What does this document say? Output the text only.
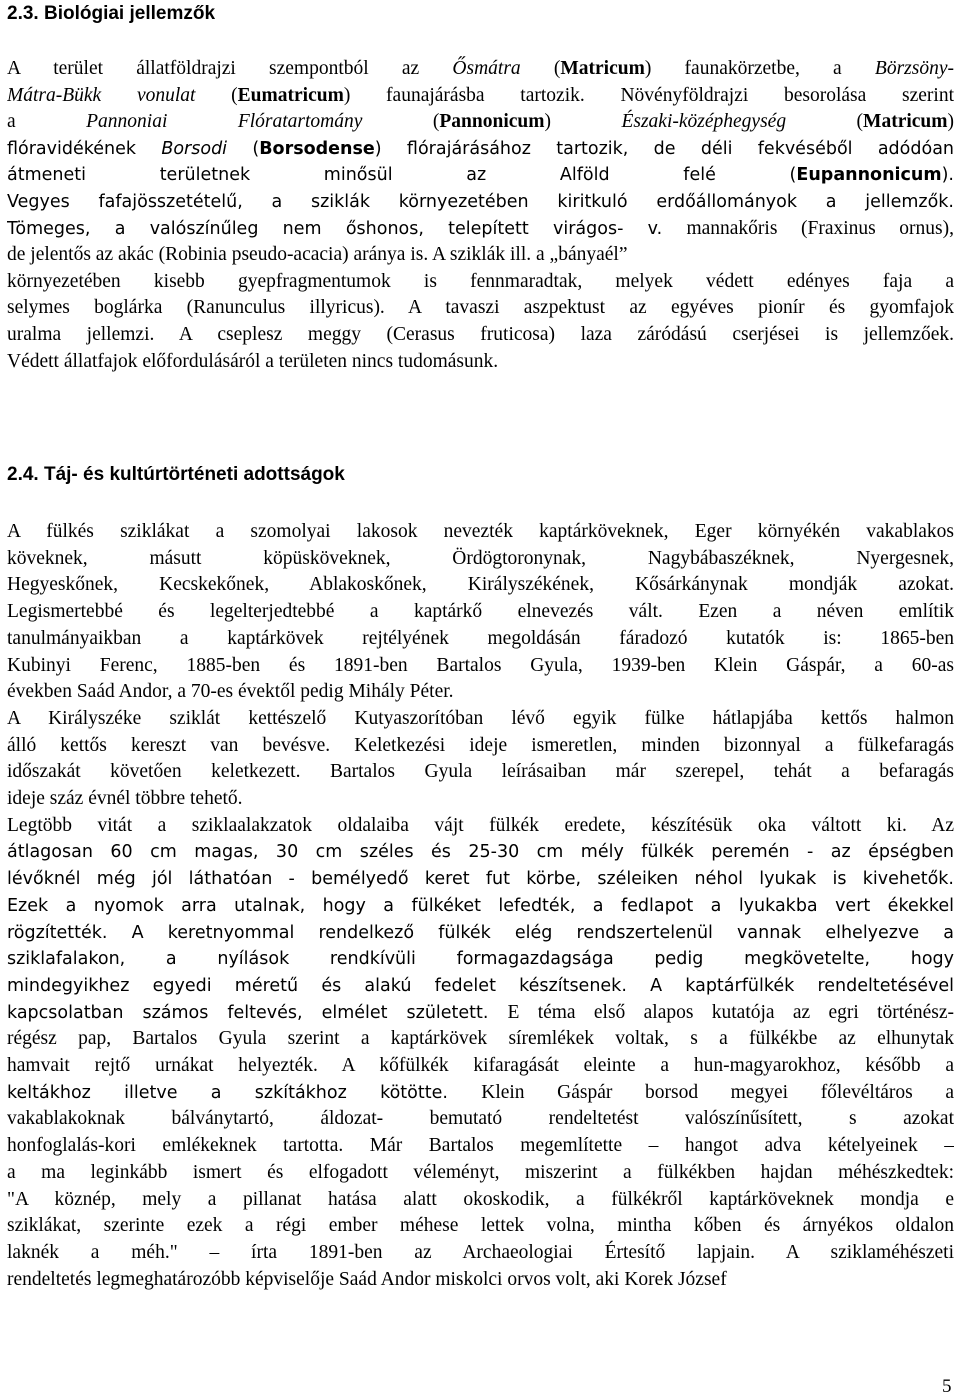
2.3. Biológiai jellemzők
A terület állatföldrajzi szempontból az Ősmátra (Matricum) faunakörzetbe, a Börzsöny-
Mátra-Bükk vonulat (Eumatricum) faunajárásba tartozik. Növényföldrajzi besorolása szerint
a Pannoniai Flóratartomány (Pannonicum) Északi-középhegység (Matricum)
flóravidékének Borsodi (Borsodense) flórajárásához tartozik, de déli fekvéséből adódóan
átmeneti területnek minősül az Alföld felé (Eupannonicum).
Vegyes fafajösszetételű, a sziklák környezetében kiritkuló erdőállományok a jellemzők.
Tömeges, a valószínűleg nem őshonos, telepített virágos- v. mannakőris (Fraxinus ornus),
de jelentős az akác (Robinia pseudo-acacia) aránya is. A sziklák ill. a „bányaél”
környezetében kisebb gyepfragmentumok is fennmaradtak, melyek védett edényes faja a
selymes boglárka (Ranunculus illyricus). A tavaszi aszpektust az egyéves pionír és gyomfajok
uralma jellemzi. A cseplesz meggy (Cerasus fruticosa) laza záródású cserjései is jellemzőek.
Védett állatfajok előfordulásáról a területen nincs tudomásunk.
2.4. Táj- és kultúrtörténeti adottságok
A fülkés sziklákat a szomolyai lakosok nevezték kaptárköveknek, Eger környékén vakablakos
köveknek, másutt köpüsköveknek, Ördögtoronynak, Nagybábaszéknek, Nyergesnek,
Hegyeskőnek, Kecskekőnek, Ablakoskőnek, Királyszékének, Kősárkánynak mondják azokat.
Legismertebbé és legelterjedtebbé a kaptárkő elnevezés vált. Ezen a néven említik
tanulmányaikban a kaptárkövek rejtélyének megoldásán fáradozó kutatók is: 1865-ben
Kubinyi Ferenc, 1885-ben és 1891-ben Bartalos Gyula, 1939-ben Klein Gáspár, a 60-as
években Saád Andor, a 70-es évektől pedig Mihály Péter.
A Királyszéke sziklát kettészelő Kutyaszorítóban lévő egyik fülke hátlapjába kettős halmon
álló kettős kereszt van bevésve. Keletkezési ideje ismeretlen, minden bizonnyal a fülkefaragás
időszakát követően keletkezett. Bartalos Gyula leírásaiban már szerepel, tehát a befaragás
ideje száz évnél többre tehető.
Legtöbb vitát a sziklaalakzatok oldalaiba vájt fülkék eredete, készítésük oka váltott ki. Az
átlagosan 60 cm magas, 30 cm széles és 25-30 cm mély fülkék peremén - az épségben
lévőknél még jól láthatóan - bemélyedő keret fut körbe, széleiken néhol lyukak is kivehetők.
Ezek a nyomok arra utalnak, hogy a fülkéket lefedték, a fedlapot a lyukakba vert ékekkel
rögzítették. A keretnyommal rendelkező fülkék elég rendszertelenül vannak elhelyezve a
sziklafalakon, a nyílások rendkívüli formagazdagsága pedig megkövetelte, hogy
mindegyikhez egyedi méretű és alakú fedelet készítsenek. A kaptárfülkék rendeltetésével
kapcsolatban számos feltevés, elmélet született. E téma első alapos kutatója az egri történész-
régész pap, Bartalos Gyula szerint a kaptárkövek síremlékek voltak, s a fülkékbe az elhunytak
hamvait rejtő urnákat helyezték. A kőfülkék kifaragását eleinte a hun-magyarokhoz, később a
keltákhoz illetve a szkítákhoz kötötte. Klein Gáspár borsod megyei főlevéltáros a
vakablakoknak bálványtartó, áldozat- bemutató rendeltetést valószínűsített, s azokat
honfoglalás-kori emlékeknek tartotta. Már Bartalos megemlítette – hangot adva kételyeinek –
a ma leginkább ismert és elfogadott véleményt, miszerint a fülkékben hajdan méhészkedtek:
"A köznép, mely a pillanat hatása alatt okoskodik, a fülkékről kaptárköveknek mondja e
sziklákat, szerinte ezek a régi ember méhese lettek volna, mintha kőben és árnyékos oldalon
laknék a méh." – írta 1891-ben az Archaeologiai Értesítő lapjain. A sziklaméhészeti
rendeltetés legmeghatározóbb képviselője Saád Andor miskolci orvos volt, aki Korek József
5
